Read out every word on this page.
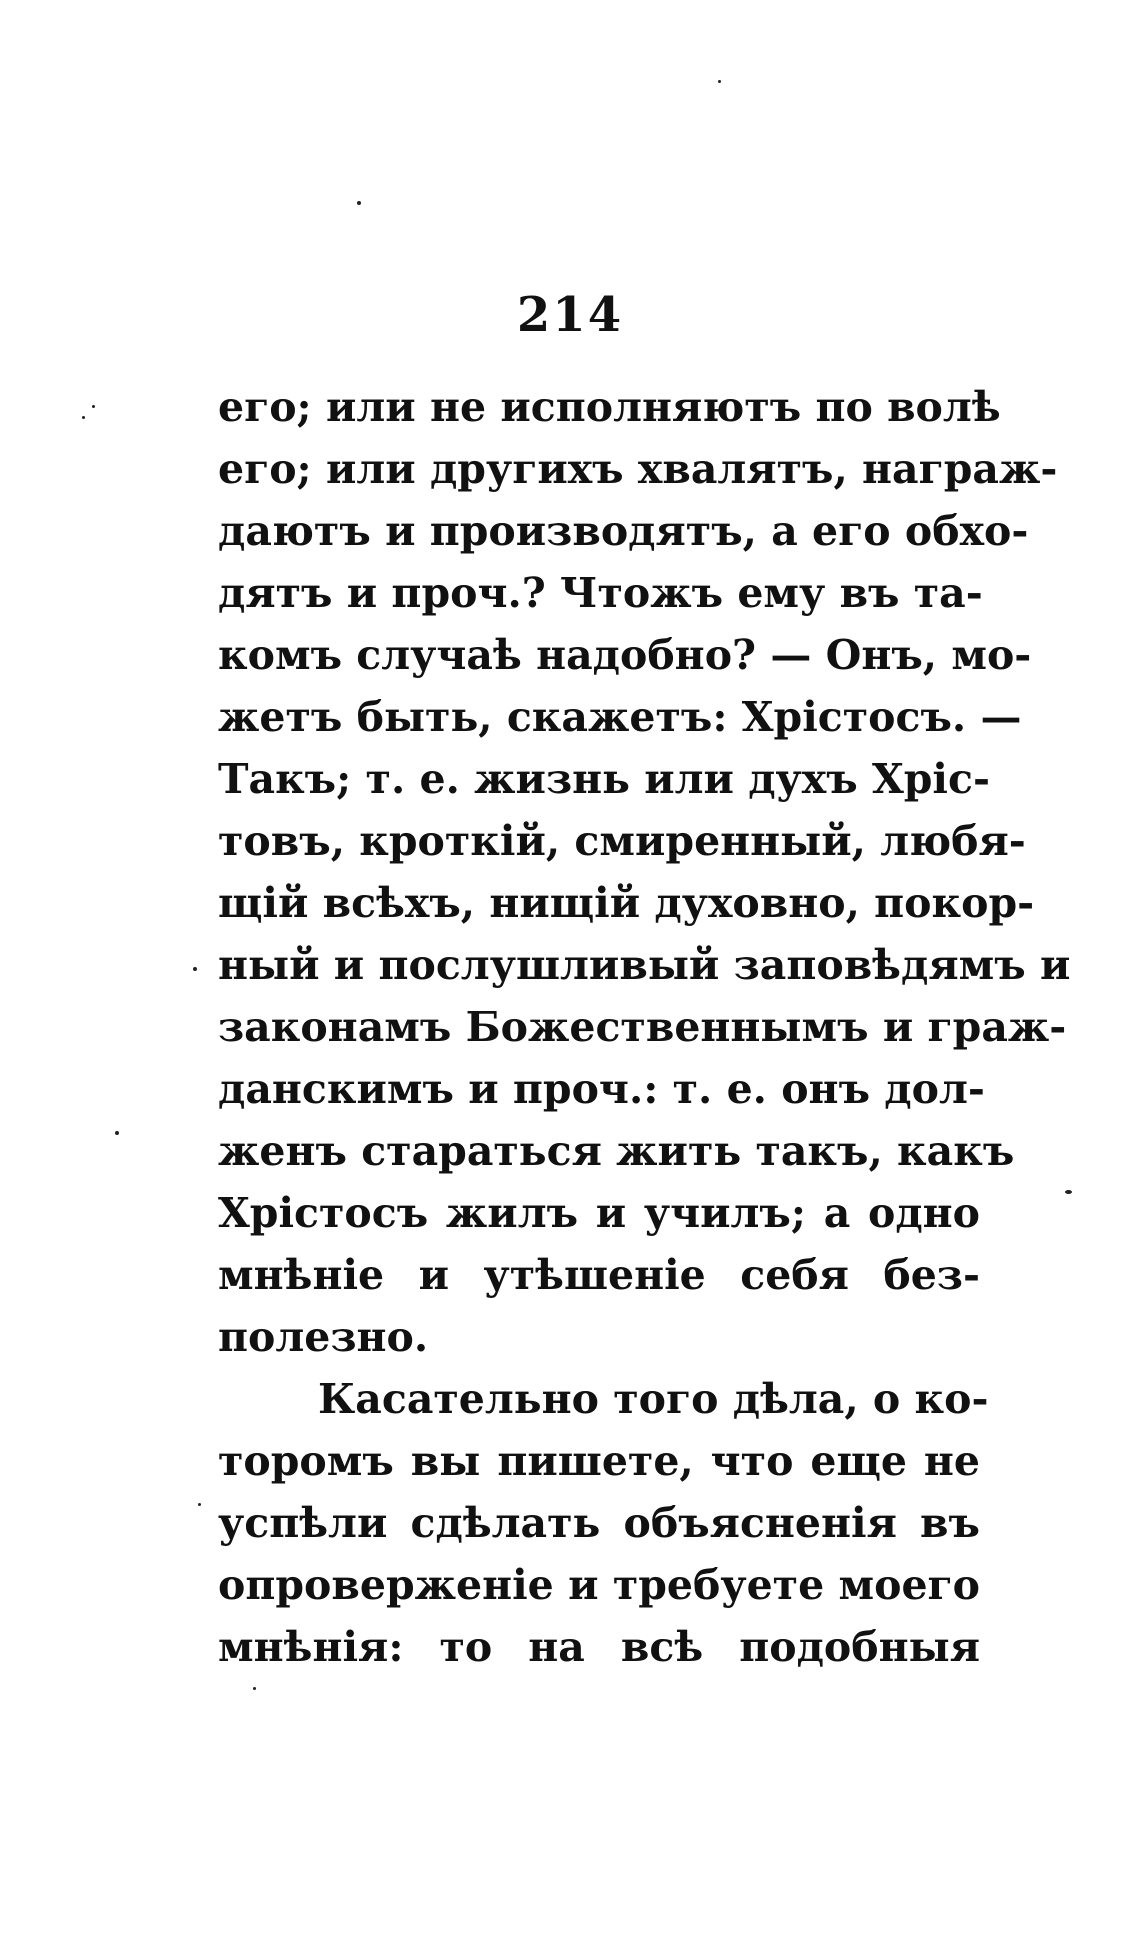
214
его; или не исполняютъ по волѣ
его; или другихъ хвалятъ, награж-
даютъ и производятъ, а его обхо-
дятъ и проч.? Чтожъ ему въ та-
комъ случаѣ надобно? — Онъ, мо-
жетъ быть, скажетъ: Хрістосъ. —
Такъ; т. е. жизнь или духъ Хріс-
товъ, кроткій, смиренный, любя-
щій всѣхъ, нищій духовно, покор-
ный и послушливый заповѣдямъ и
законамъ Божественнымъ и граж-
данскимъ и проч.: т. е. онъ дол-
женъ стараться жить такъ, какъ
Хрістосъ жилъ и училъ; а одно
мнѣніе и утѣшеніе себя без-
полезно.
Касательно того дѣла, о ко-
торомъ вы пишете, что еще не
успѣли сдѣлать объясненія въ
опроверженіе и требуете моего
мнѣнія: то на всѣ подобныя
